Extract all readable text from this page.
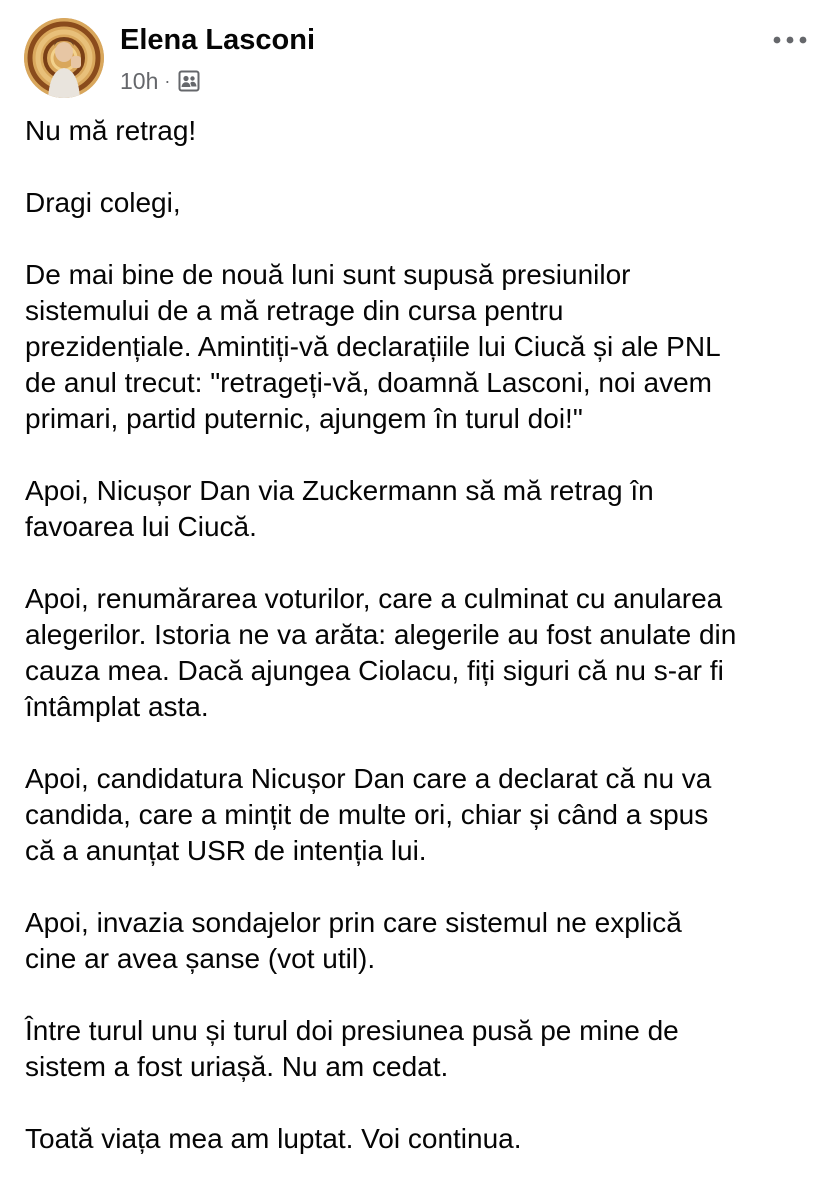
Elena Lasconi
10h ·

Nu mă retrag!

Dragi colegi,

De mai bine de nouă luni sunt supusă presiunilor
sistemului de a mă retrage din cursa pentru
prezidențiale. Amintiți-vă declarațiile lui Ciucă și ale PNL
de anul trecut: "retrageți-vă, doamnă Lasconi, noi avem
primari, partid puternic, ajungem în turul doi!"

Apoi, Nicușor Dan via Zuckermann să mă retrag în
favoarea lui Ciucă.

Apoi, renumărarea voturilor, care a culminat cu anularea
alegerilor. Istoria ne va arăta: alegerile au fost anulate din
cauza mea. Dacă ajungea Ciolacu, fiți siguri că nu s-ar fi
întâmplat asta.

Apoi, candidatura Nicușor Dan care a declarat că nu va
candida, care a mințit de multe ori, chiar și când a spus
că a anunțat USR de intenția lui.

Apoi, invazia sondajelor prin care sistemul ne explică
cine ar avea șanse (vot util).

Între turul unu și turul doi presiunea pusă pe mine de
sistem a fost uriașă. Nu am cedat.

Toată viața mea am luptat. Voi continua.
